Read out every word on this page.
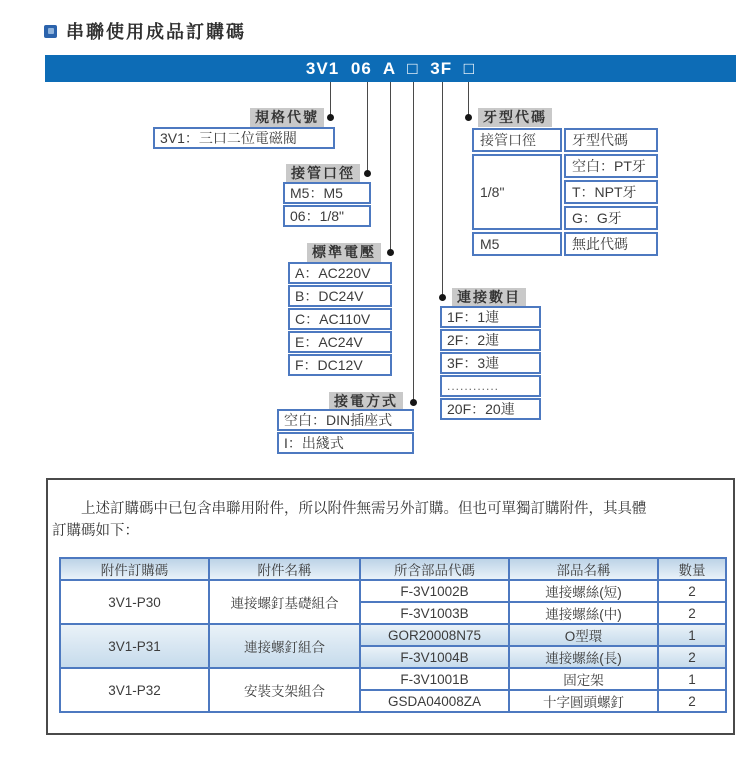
串聯使用成品訂購碼
3V1 06 A □ 3F □
規格代號
接管口徑
標準電壓
接電方式
連接數目
牙型代碼
3V1：三口二位電磁閥
M5：M5
06：1/8"
A：AC220V
B：DC24V
C：AC110V
E：AC24V
F：DC12V
空白：DIN插座式
I：出綫式
1F：1連
2F：2連
3F：3連
............
20F：20連
接管口徑	牙型代碼
1/8"	空白：PT牙
	T：NPT牙
	G：G牙
M5	無此代碼
上述訂購碼中已包含串聯用附件，所以附件無需另外訂購。但也可單獨訂購附件，其具體訂購碼如下：
附件訂購碼	附件名稱	所含部品代碼	部品名稱	數量
3V1-P30	連接螺釘基礎組合	F-3V1002B	連接螺絲(短)	2
		F-3V1003B	連接螺絲(中)	2
3V1-P31	連接螺釘組合	GOR20008N75	O型環	1
		F-3V1004B	連接螺絲(長)	2
3V1-P32	安裝支架組合	F-3V1001B	固定架	1
		GSDA04008ZA	十字圓頭螺釘	2
